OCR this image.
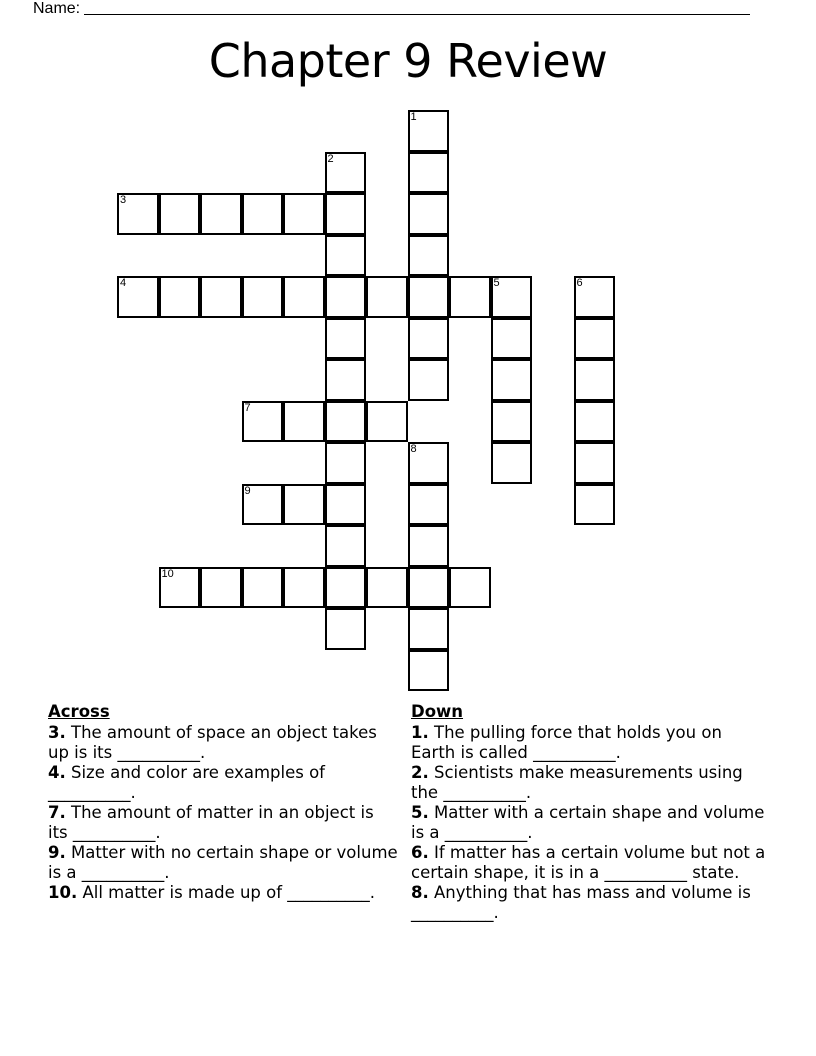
Name:
Chapter 9 Review
1
2
3
4	5	6
7
8
9
10
Across
3. The amount of space an object takes up is its __________.
4. Size and color are examples of __________.
7. The amount of matter in an object is its __________.
9. Matter with no certain shape or volume is a __________.
10. All matter is made up of __________.
Down
1. The pulling force that holds you on Earth is called __________.
2. Scientists make measurements using the __________.
5. Matter with a certain shape and volume is a __________.
6. If matter has a certain volume but not a certain shape, it is in a __________ state.
8. Anything that has mass and volume is __________.
